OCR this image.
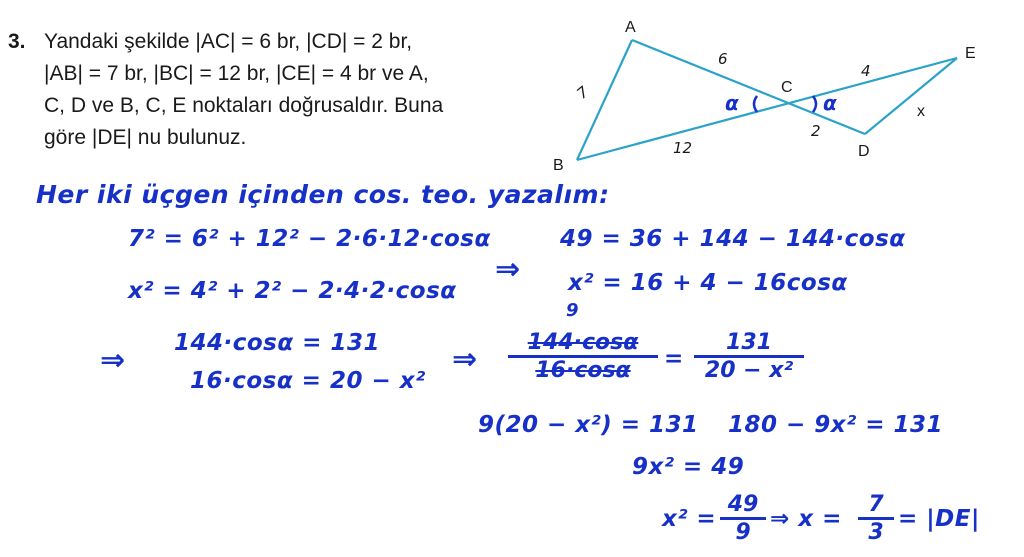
3. Yandaki şekilde |AC| = 6 br, |CD| = 2 br,
|AB| = 7 br, |BC| = 12 br, |CE| = 4 br ve A,
C, D ve B, C, E noktaları doğrusaldır. Buna
göre |DE| nu bulunuz.
A
B
C
D
E
x
6
7
12
4
2
α	α
Her iki üçgen içinden cos. teo. yazalım:
7² = 6² + 12² − 2·6·12·cosα	49 = 36 + 144 − 144·cosα
⇒
x² = 4² + 2² − 2·4·2·cosα	x² = 16 + 4 − 16cosα
⇒ 144·cosα = 131
16·cosα = 20 − x²
⇒
9
$\frac{144\cdot\cos\alpha}{16\cdot\cos\alpha} = \frac{131}{\text{20 − x²}}$
9(20 − x²) = 131 180 − 9x² = 131
9x² = 49
$x^2 = \frac{49}{9}$ ⇒ $x = \frac{7}{3} = |DE|$
